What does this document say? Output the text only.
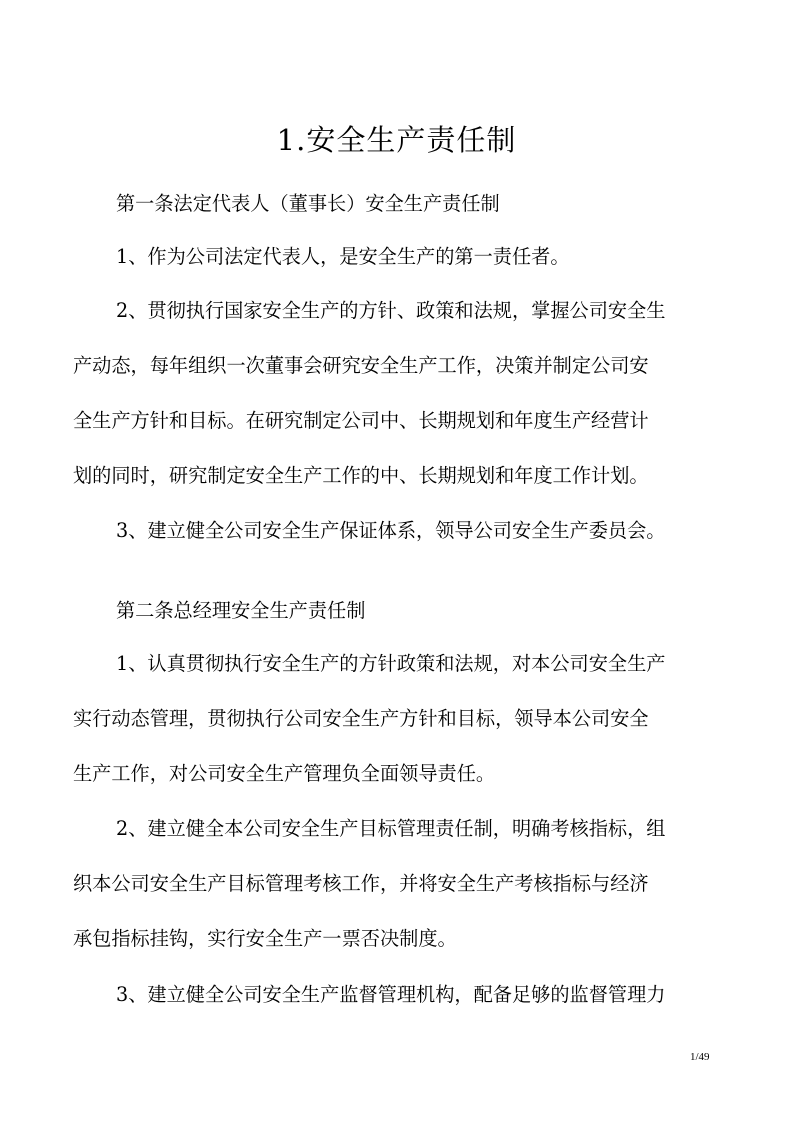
1.安全生产责任制

第一条法定代表人（董事长）安全生产责任制

1、作为公司法定代表人，是安全生产的第一责任者。

2、贯彻执行国家安全生产的方针、政策和法规，掌握公司安全生

产动态，每年组织一次董事会研究安全生产工作，决策并制定公司安

全生产方针和目标。在研究制定公司中、长期规划和年度生产经营计

划的同时，研究制定安全生产工作的中、长期规划和年度工作计划。

3、建立健全公司安全生产保证体系，领导公司安全生产委员会。

第二条总经理安全生产责任制

1、认真贯彻执行安全生产的方针政策和法规，对本公司安全生产

实行动态管理，贯彻执行公司安全生产方针和目标，领导本公司安全

生产工作，对公司安全生产管理负全面领导责任。

2、建立健全本公司安全生产目标管理责任制，明确考核指标，组

织本公司安全生产目标管理考核工作，并将安全生产考核指标与经济

承包指标挂钩，实行安全生产一票否决制度。

3、建立健全公司安全生产监督管理机构，配备足够的监督管理力

1/49
